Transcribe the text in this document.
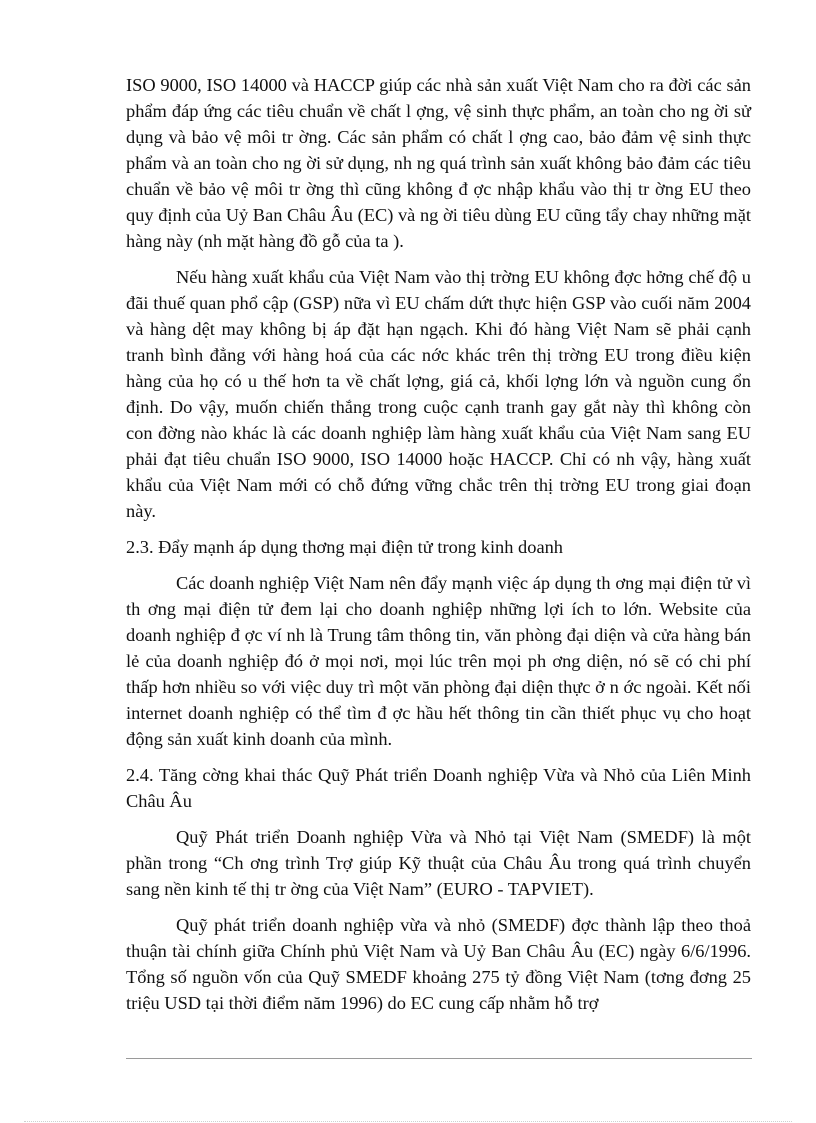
ISO 9000, ISO 14000 và HACCP giúp các nhà sản xuất Việt Nam cho ra đời các sản phẩm đáp ứng các tiêu chuẩn về chất l ợng, vệ sinh thực phẩm, an toàn cho ng ời sử dụng và bảo vệ môi tr ờng. Các sản phẩm có chất l ợng cao, bảo đảm vệ sinh thực phẩm và an toàn cho ng ời sử dụng, nh ng quá trình sản xuất không bảo đảm các tiêu chuẩn về bảo vệ môi tr ờng thì cũng không đ ợc nhập khẩu vào thị tr ờng EU theo quy định của Uỷ Ban Châu Âu (EC) và ng ời tiêu dùng EU cũng tẩy chay những mặt hàng này (nh mặt hàng đồ gỗ của ta ).

Nếu hàng xuất khẩu của Việt Nam vào thị trờng EU không đợc hởng chế độ u đãi thuế quan phổ cập (GSP) nữa vì EU chấm dứt thực hiện GSP vào cuối năm 2004 và hàng dệt may không bị áp đặt hạn ngạch. Khi đó hàng Việt Nam sẽ phải cạnh tranh bình đẳng với hàng hoá của các nớc khác trên thị trờng EU trong điều kiện hàng của họ có u thế hơn ta về chất lợng, giá cả, khối lợng lớn và nguồn cung ổn định. Do vậy, muốn chiến thắng trong cuộc cạnh tranh gay gắt này thì không còn con đờng nào khác là các doanh nghiệp làm hàng xuất khẩu của Việt Nam sang EU phải đạt tiêu chuẩn ISO 9000, ISO 14000 hoặc HACCP. Chỉ có nh vậy, hàng xuất khẩu của Việt Nam mới có chỗ đứng vững chắc trên thị trờng EU trong giai đoạn này.

2.3. Đẩy mạnh áp dụng thơng mại điện tử trong kinh doanh

Các doanh nghiệp Việt Nam nên đẩy mạnh việc áp dụng th ơng mại điện tử vì th ơng mại điện tử đem lại cho doanh nghiệp những lợi ích to lớn. Website của doanh nghiệp đ ợc ví nh là Trung tâm thông tin, văn phòng đại diện và cửa hàng bán lẻ của doanh nghiệp đó ở mọi nơi, mọi lúc trên mọi ph ơng diện, nó sẽ có chi phí thấp hơn nhiều so với việc duy trì một văn phòng đại diện thực ở n ớc ngoài. Kết nối internet doanh nghiệp có thể tìm đ ợc hầu hết thông tin cần thiết phục vụ cho hoạt động sản xuất kinh doanh của mình.

2.4. Tăng cờng khai thác Quỹ Phát triển Doanh nghiệp Vừa và Nhỏ của Liên Minh Châu Âu

Quỹ Phát triển Doanh nghiệp Vừa và Nhỏ tại Việt Nam (SMEDF) là một phần trong “Ch ơng trình Trợ giúp Kỹ thuật của Châu Âu trong quá trình chuyển sang nền kinh tế thị tr ờng của Việt Nam” (EURO - TAPVIET).

Quỹ phát triển doanh nghiệp vừa và nhỏ (SMEDF) đợc thành lập theo thoả thuận tài chính giữa Chính phủ Việt Nam và Uỷ Ban Châu Âu (EC) ngày 6/6/1996. Tổng số nguồn vốn của Quỹ SMEDF khoảng 275 tỷ đồng Việt Nam (tơng đơng 25 triệu USD tại thời điểm năm 1996) do EC cung cấp nhằm hỗ trợ
